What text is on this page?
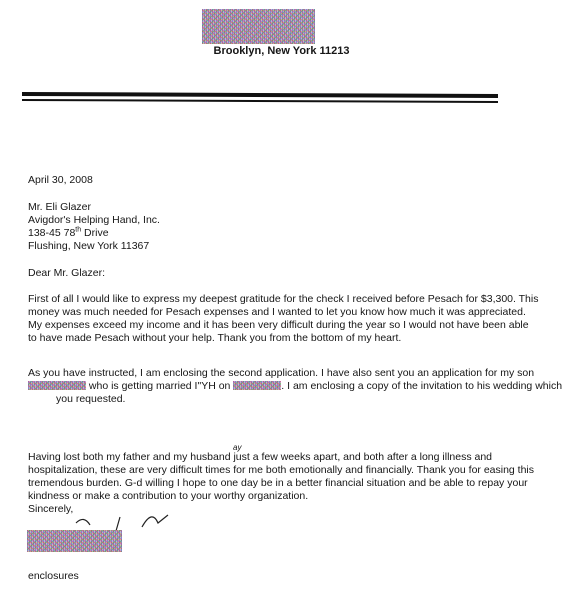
Brooklyn, New York 11213
April 30, 2008
Mr. Eli Glazer
Avigdor's Helping Hand, Inc.
138-45 78th Drive
Flushing, New York 11367
Dear Mr. Glazer:
First of all I would like to express my deepest gratitude for the check I received before Pesach for $3,300. This
money was much needed for Pesach expenses and I wanted to let you know how much it was appreciated.
My expenses exceed my income and it has been very difficult during the year so I would not have been able
to have made Pesach without your help. Thank you from the bottom of my heart.
As you have instructed, I am enclosing the second application. I have also sent you an application for my son
who is getting married I"YH on	. I am enclosing a copy of the invitation to his wedding which
you requested.
ay
Having lost both my father and my husband just a few weeks apart, and both after a long illness and
hospitalization, these are very difficult times for me both emotionally and financially. Thank you for easing this
tremendous burden. G-d willing I hope to one day be in a better financial situation and be able to repay your
kindness or make a contribution to your worthy organization.
Sincerely,
enclosures
